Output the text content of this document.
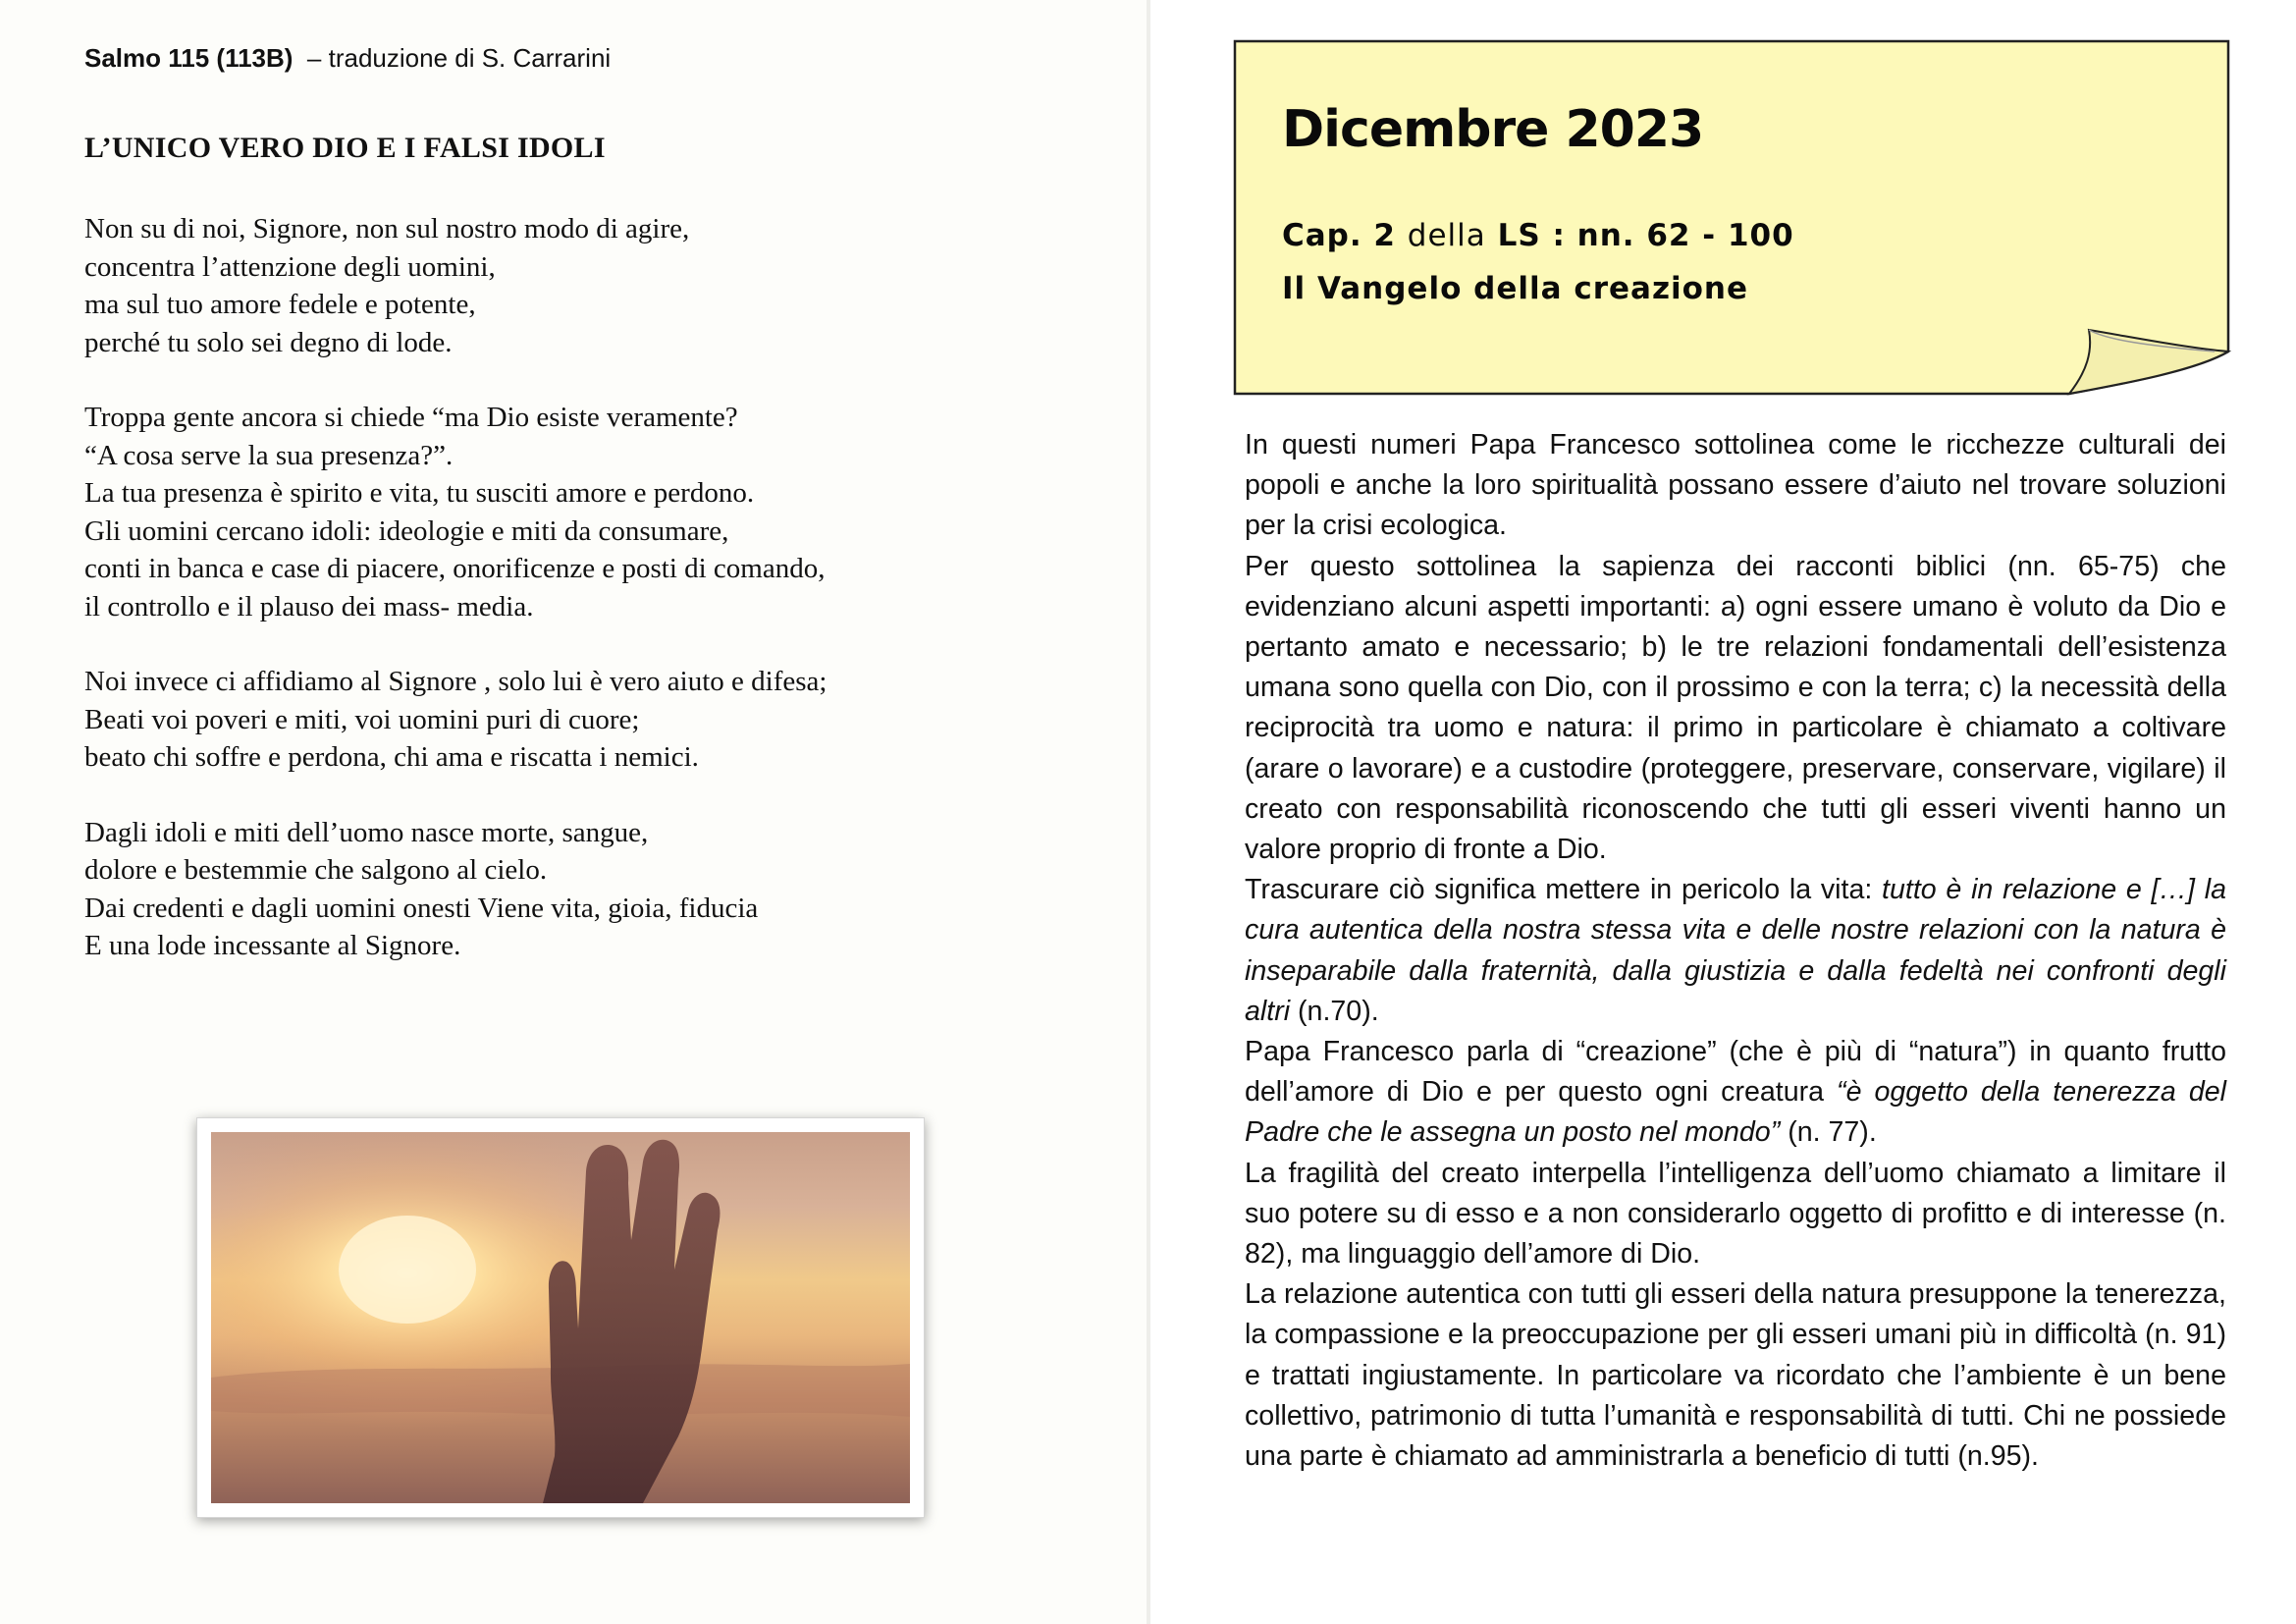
Salmo 115 (113B) – traduzione di S. Carrarini
L’UNICO VERO DIO E I FALSI IDOLI
Non su di noi, Signore, non sul nostro modo di agire,
concentra l’attenzione degli uomini,
ma sul tuo amore fedele e potente,
perché tu solo sei degno di lode.
Troppa gente ancora si chiede “ma Dio esiste veramente?
“A cosa serve la sua presenza?”.
La tua presenza è spirito e vita, tu susciti amore e perdono.
Gli uomini cercano idoli: ideologie e miti da consumare,
conti in banca e case di piacere, onorificenze e posti di comando,
il controllo e il plauso dei mass- media.
Noi invece ci affidiamo al Signore , solo lui è vero aiuto e difesa;
Beati voi poveri e miti, voi uomini puri di cuore;
beato chi soffre e perdona, chi ama e riscatta i nemici.
Dagli idoli e miti dell’uomo nasce morte, sangue,
dolore e bestemmie che salgono al cielo.
Dai credenti e dagli uomini onesti Viene vita, gioia, fiducia
E una lode incessante al Signore.
Dicembre 2023
Cap. 2 della LS : nn. 62 - 100
Il Vangelo della creazione

In questi numeri Papa Francesco sottolinea come le ricchezze culturali dei popoli e anche la loro spiritualità possano essere d’aiuto nel trovare soluzioni per la crisi ecologica.

Per questo sottolinea la sapienza dei racconti biblici (nn. 65-75) che evidenziano alcuni aspetti importanti: a) ogni essere umano è voluto da Dio e pertanto amato e necessario; b) le tre relazioni fondamentali dell’esistenza umana sono quella con Dio, con il prossimo e con la terra; c) la necessità della reciprocità tra uomo e natura: il primo in particolare è chiamato a coltivare (arare o lavorare) e a custodire (proteggere, preservare, conservare, vigilare) il creato con responsabilità riconoscendo che tutti gli esseri viventi hanno un valore proprio di fronte a Dio.

Trascurare ciò significa mettere in pericolo la vita: tutto è in relazione e […] la cura autentica della nostra stessa vita e delle nostre relazioni con la natura è inseparabile dalla fraternità, dalla giustizia e dalla fedeltà nei confronti degli altri (n.70).

Papa Francesco parla di “creazione” (che è più di “natura”) in quanto frutto dell’amore di Dio e per questo ogni creatura “è oggetto della tenerezza del Padre che le assegna un posto nel mondo” (n. 77).

La fragilità del creato interpella l’intelligenza dell’uomo chiamato a limitare il suo potere su di esso e a non considerarlo oggetto di profitto e di interesse (n. 82), ma linguaggio dell’amore di Dio.

La relazione autentica con tutti gli esseri della natura presuppone la tenerezza, la compassione e la preoccupazione per gli esseri umani più in difficoltà (n. 91) e trattati ingiustamente. In particolare va ricordato che l’ambiente è un bene collettivo, patrimonio di tutta l’umanità e responsabilità di tutti. Chi ne possiede una parte è chiamato ad amministrarla a beneficio di tutti (n.95).
